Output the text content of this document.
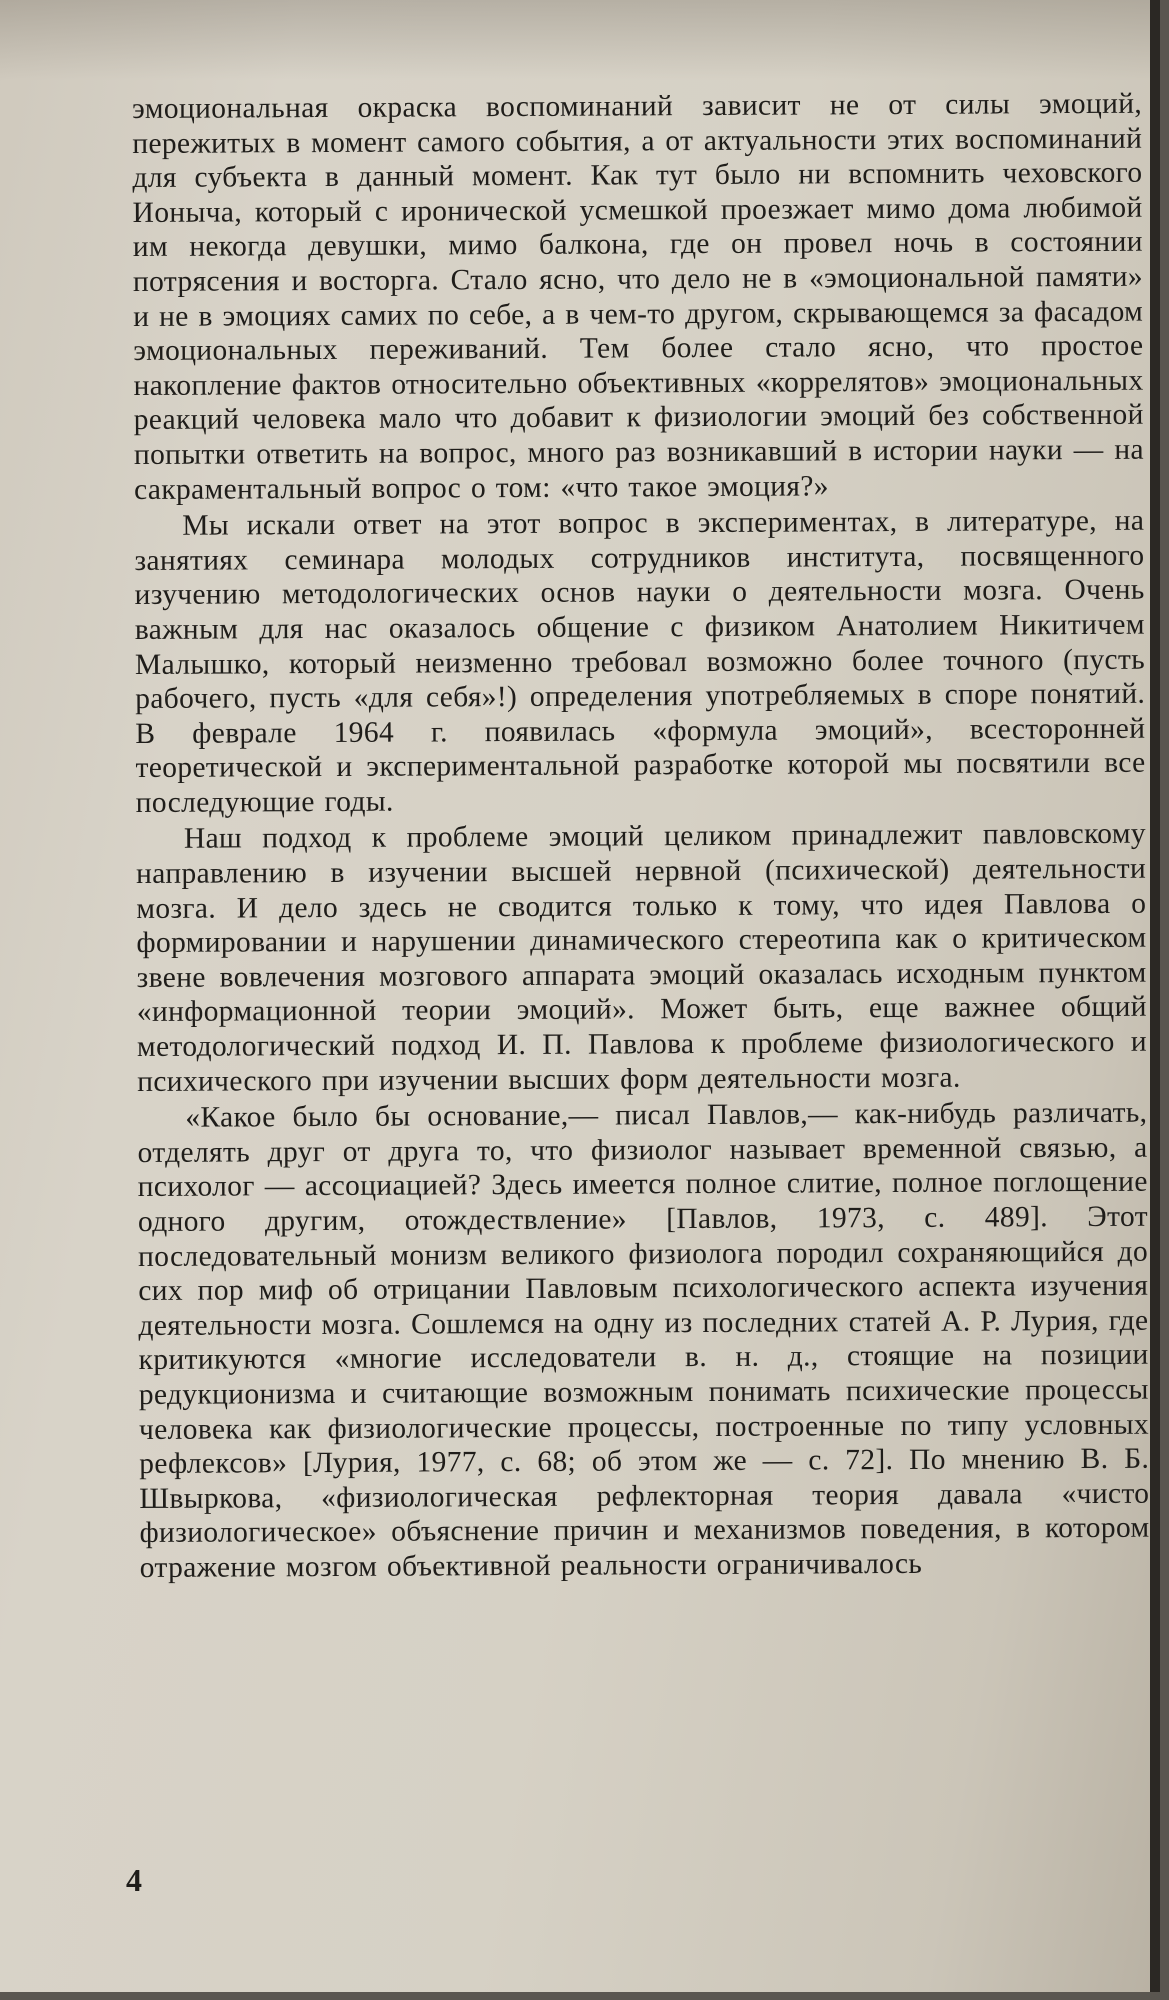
эмоциональная окраска воспоминаний зависит не от силы эмоций, пережитых в момент самого события, а от актуальности этих воспоминаний для субъекта в данный момент. Как тут было ни вспомнить чеховского Ионыча, который с иронической усмешкой проезжает мимо дома любимой им некогда девушки, мимо балкона, где он провел ночь в состоянии потрясения и восторга. Стало ясно, что дело не в «эмоциональной памяти» и не в эмоциях самих по себе, а в чем-то другом, скрывающемся за фасадом эмоциональных переживаний. Тем более стало ясно, что простое накопление фактов относительно объективных «коррелятов» эмоциональных реакций человека мало что добавит к физиологии эмоций без собственной попытки ответить на вопрос, много раз возникавший в истории науки — на сакраментальный вопрос о том: «что такое эмоция?»

Мы искали ответ на этот вопрос в экспериментах, в литературе, на занятиях семинара молодых сотрудников института, посвященного изучению методологических основ науки о деятельности мозга. Очень важным для нас оказалось общение с физиком Анатолием Никитичем Малышко, который неизменно требовал возможно более точного (пусть рабочего, пусть «для себя»!) определения употребляемых в споре понятий. В феврале 1964 г. появилась «формула эмоций», всесторонней теоретической и экспериментальной разработке которой мы посвятили все последующие годы.

Наш подход к проблеме эмоций целиком принадлежит павловскому направлению в изучении высшей нервной (психической) деятельности мозга. И дело здесь не сводится только к тому, что идея Павлова о формировании и нарушении динамического стереотипа как о критическом звене вовлечения мозгового аппарата эмоций оказалась исходным пунктом «информационной теории эмоций». Может быть, еще важнее общий методологический подход И. П. Павлова к проблеме физиологического и психического при изучении высших форм деятельности мозга.

«Какое было бы основание,— писал Павлов,— как-нибудь различать, отделять друг от друга то, что физиолог называет временной связью, а психолог — ассоциацией? Здесь имеется полное слитие, полное поглощение одного другим, отождествление» [Павлов, 1973, с. 489]. Этот последовательный монизм великого физиолога породил сохраняющийся до сих пор миф об отрицании Павловым психологического аспекта изучения деятельности мозга. Сошлемся на одну из последних статей А. Р. Лурия, где критикуются «многие исследователи в. н. д., стоящие на позиции редукционизма и считающие возможным понимать психические процессы человека как физиологические процессы, построенные по типу условных рефлексов» [Лурия, 1977, с. 68; об этом же — с. 72]. По мнению В. Б. Швыркова, «физиологическая рефлекторная теория давала «чисто физиологическое» объяснение причин и механизмов поведения, в котором отражение мозгом объективной реальности ограничивалось

4
